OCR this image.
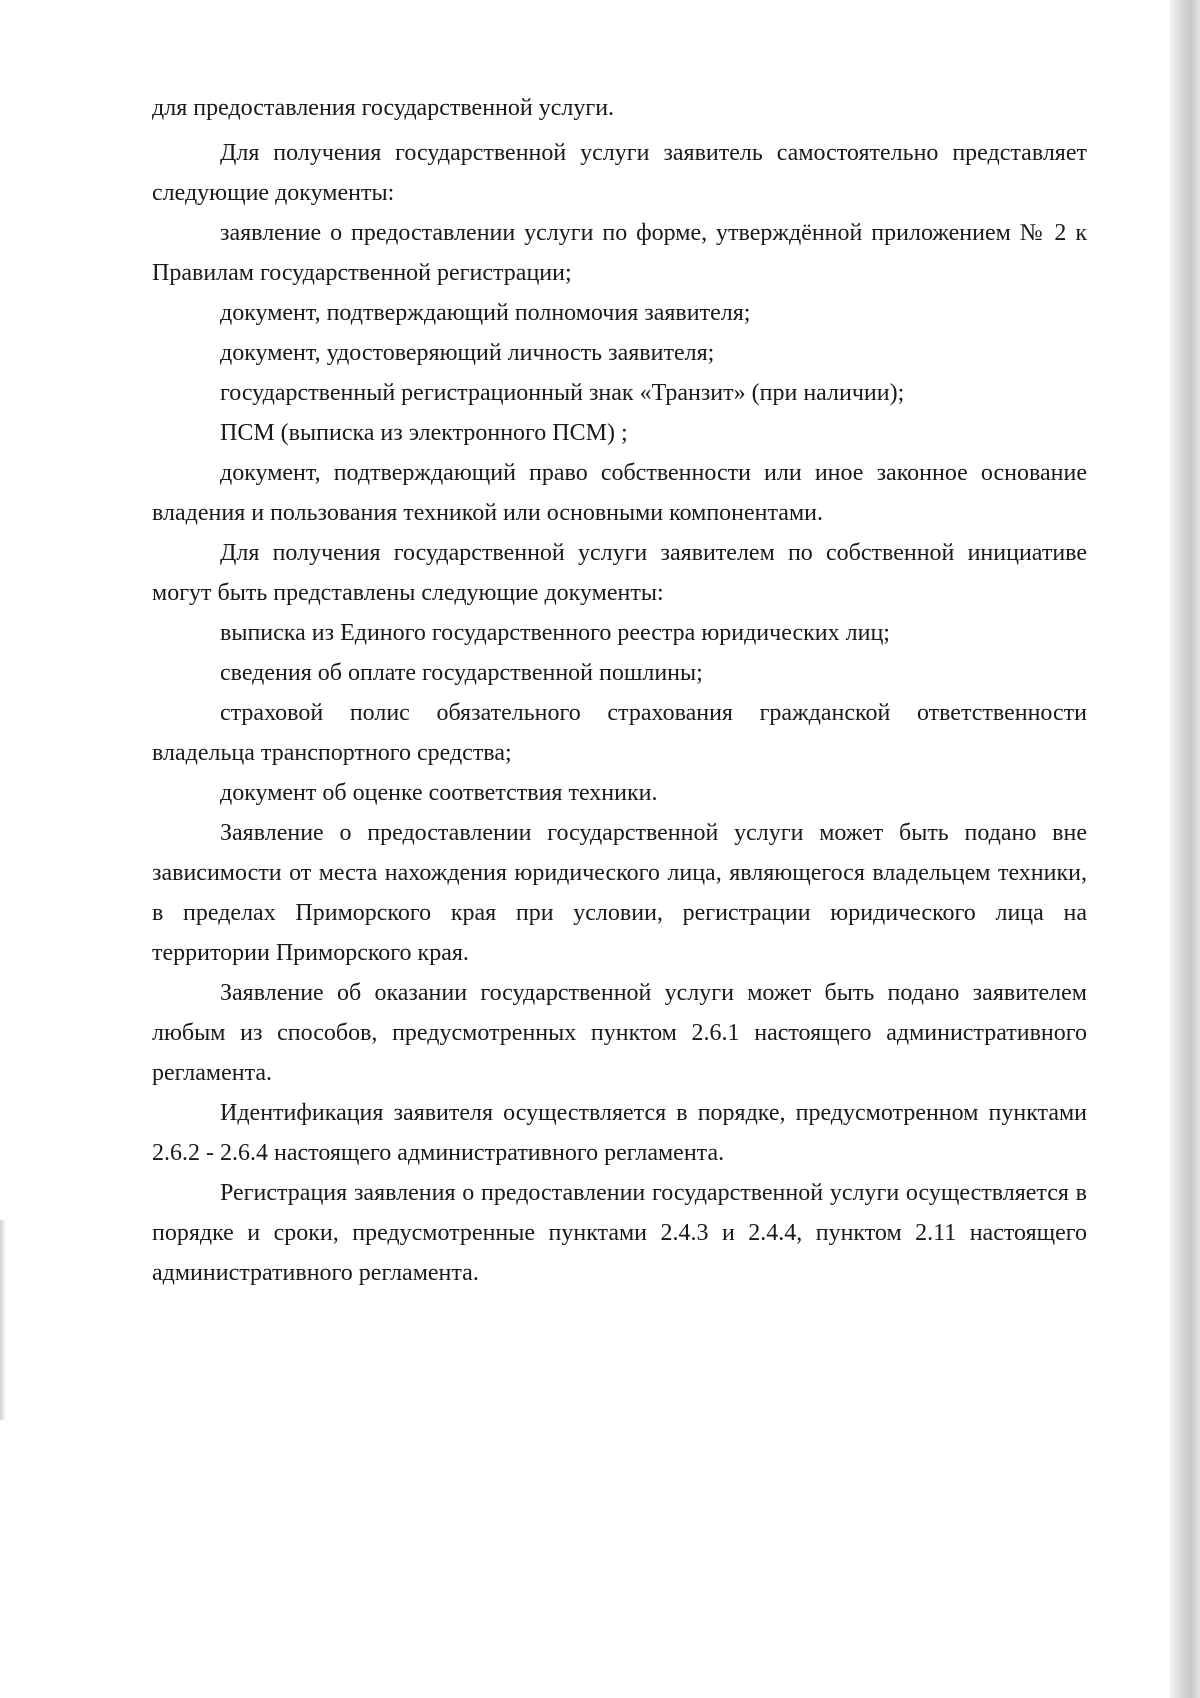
для предоставления государственной услуги.

Для получения государственной услуги заявитель самостоятельно представляет следующие документы:

заявление о предоставлении услуги по форме, утверждённой приложением № 2 к Правилам государственной регистрации;

документ, подтверждающий полномочия заявителя;

документ, удостоверяющий личность заявителя;

государственный регистрационный знак «Транзит» (при наличии);

ПСМ (выписка из электронного ПСМ) ;

документ, подтверждающий право собственности или иное законное основание владения и пользования техникой или основными компонентами.

Для получения государственной услуги заявителем по собственной инициативе могут быть представлены следующие документы:

выписка из Единого государственного реестра юридических лиц;

сведения об оплате государственной пошлины;

страховой полис обязательного страхования гражданской ответственности владельца транспортного средства;

документ об оценке соответствия техники.

Заявление о предоставлении государственной услуги может быть подано вне зависимости от места нахождения юридического лица, являющегося владельцем техники, в пределах Приморского края при условии, регистрации юридического лица на территории Приморского края.

Заявление об оказании государственной услуги может быть подано заявителем любым из способов, предусмотренных пунктом 2.6.1 настоящего административного регламента.

Идентификация заявителя осуществляется в порядке, предусмотренном пунктами 2.6.2 - 2.6.4 настоящего административного регламента.

Регистрация заявления о предоставлении государственной услуги осуществляется в порядке и сроки, предусмотренные пунктами 2.4.3 и 2.4.4, пунктом 2.11 настоящего административного регламента.
